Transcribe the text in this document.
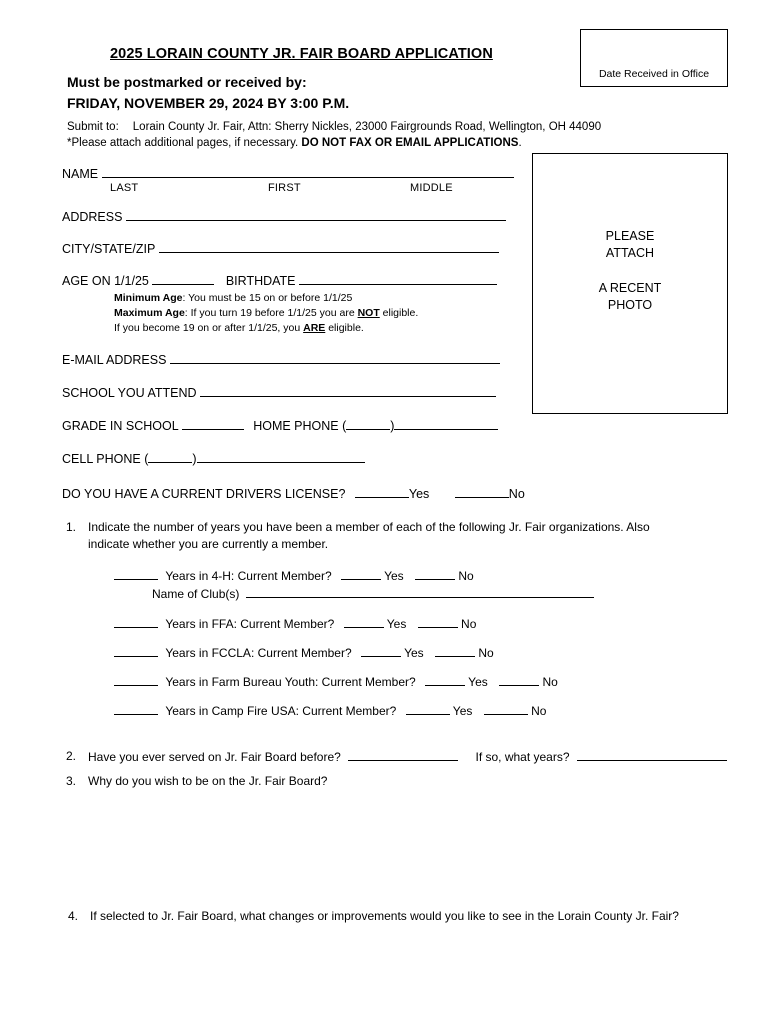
Date Received in Office
2025 LORAIN COUNTY JR. FAIR BOARD APPLICATION
Must be postmarked or received by:
FRIDAY, NOVEMBER 29, 2024 BY 3:00 P.M.
Submit to: Lorain County Jr. Fair, Attn: Sherry Nickles, 23000 Fairgrounds Road, Wellington, OH 44090
*Please attach additional pages, if necessary. DO NOT FAX OR EMAIL APPLICATIONS.
PLEASE
ATTACH
A RECENT
PHOTO
NAME
LAST	FIRST	MIDDLE
ADDRESS
CITY/STATE/ZIP
AGE ON 1/1/25	BIRTHDATE
Minimum Age: You must be 15 on or before 1/1/25
Maximum Age: If you turn 19 before 1/1/25 you are NOT eligible.
If you become 19 on or after 1/1/25, you ARE eligible.
E-MAIL ADDRESS
SCHOOL YOU ATTEND
GRADE IN SCHOOL	HOME PHONE (	)
CELL PHONE (	)
DO YOU HAVE A CURRENT DRIVERS LICENSE?	Yes	No
1. Indicate the number of years you have been a member of each of the following Jr. Fair organizations. Also
indicate whether you are currently a member.
Years in 4-H: Current Member?	Yes	No
Name of Club(s)
Years in FFA: Current Member?	Yes	No
Years in FCCLA: Current Member?	Yes	No
Years in Farm Bureau Youth: Current Member?	Yes	No
Years in Camp Fire USA: Current Member?	Yes	No
2. Have you ever served on Jr. Fair Board before?	If so, what years?
3. Why do you wish to be on the Jr. Fair Board?
4. If selected to Jr. Fair Board, what changes or improvements would you like to see in the Lorain County Jr. Fair?
